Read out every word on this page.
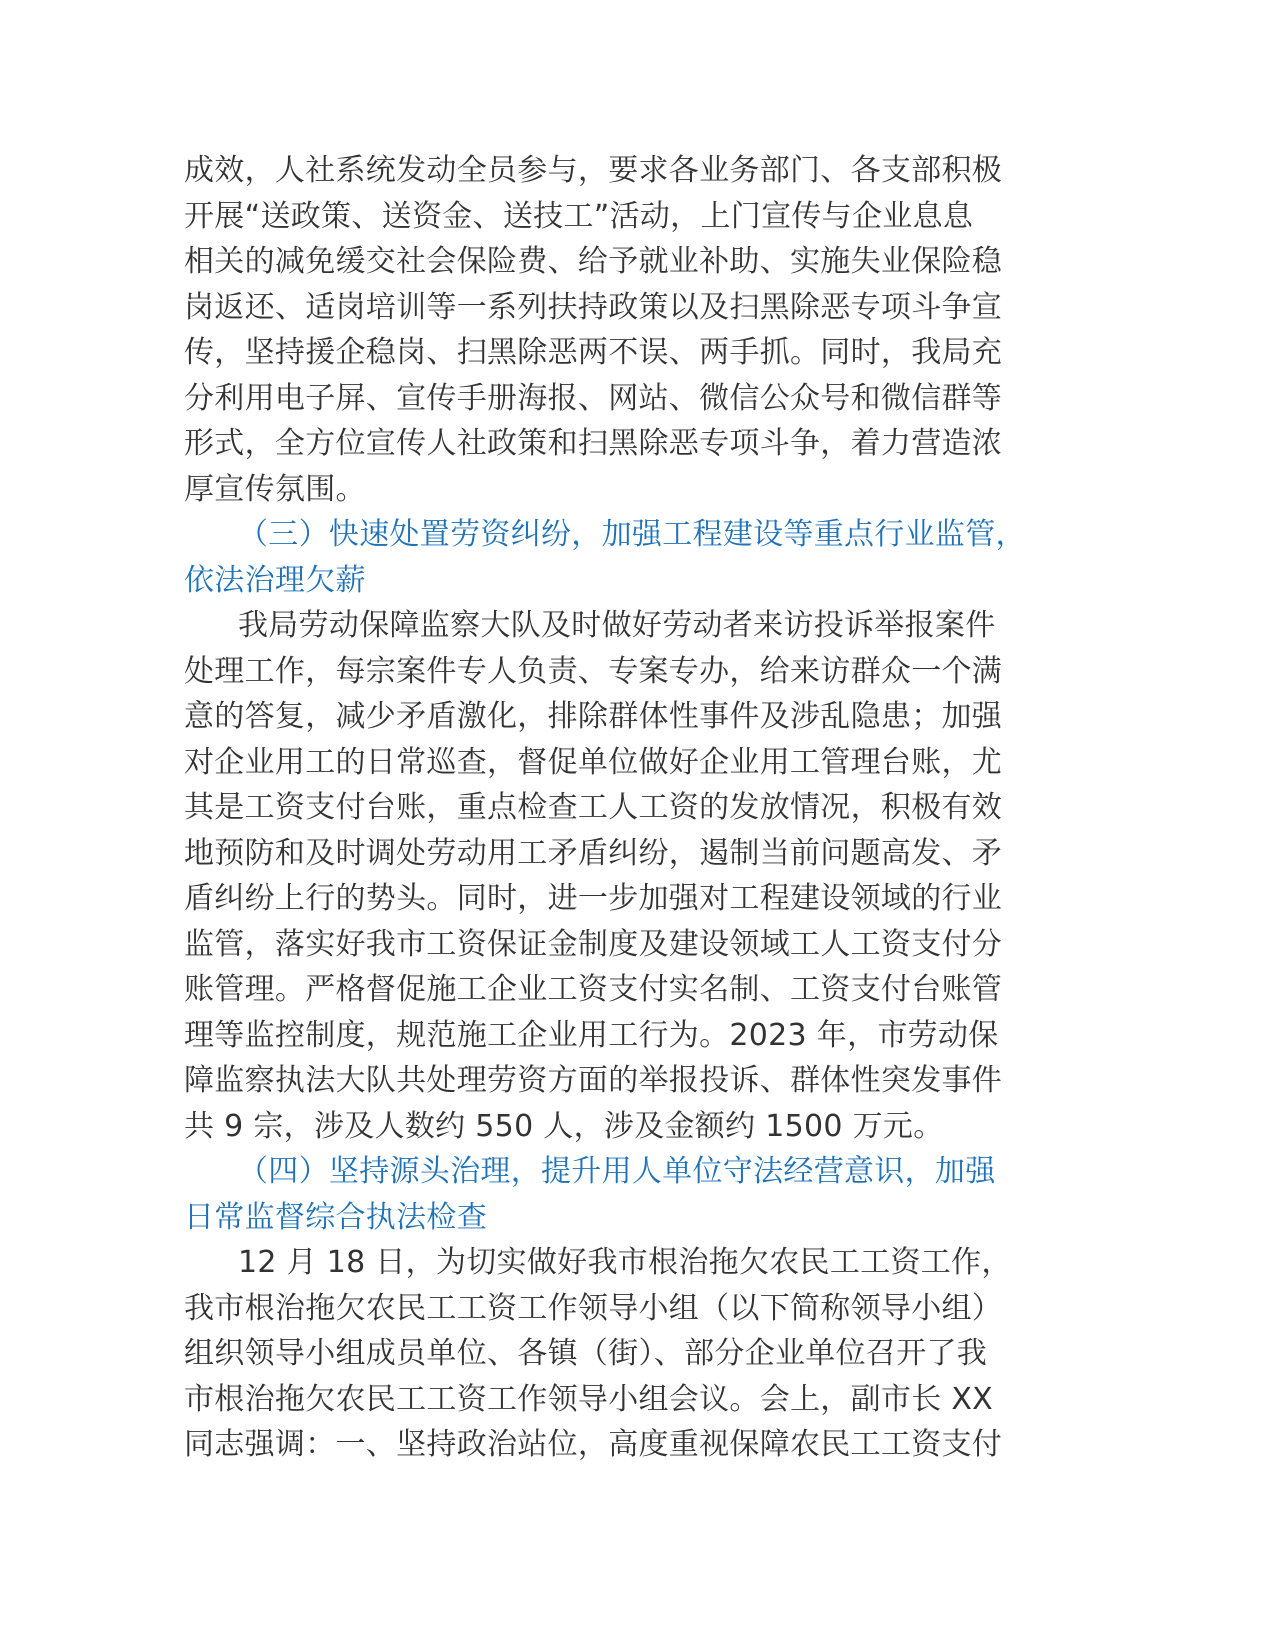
成效，人社系统发动全员参与，要求各业务部门、各支部积极
开展“送政策、送资金、送技工”活动，上门宣传与企业息息
相关的减免缓交社会保险费、给予就业补助、实施失业保险稳
岗返还、适岗培训等一系列扶持政策以及扫黑除恶专项斗争宣
传，坚持援企稳岗、扫黑除恶两不误、两手抓。同时，我局充
分利用电子屏、宣传手册海报、网站、微信公众号和微信群等
形式，全方位宣传人社政策和扫黑除恶专项斗争，着力营造浓
厚宣传氛围。
（三）快速处置劳资纠纷，加强工程建设等重点行业监管，
依法治理欠薪
我局劳动保障监察大队及时做好劳动者来访投诉举报案件
处理工作，每宗案件专人负责、专案专办，给来访群众一个满
意的答复，减少矛盾激化，排除群体性事件及涉乱隐患；加强
对企业用工的日常巡查，督促单位做好企业用工管理台账，尤
其是工资支付台账，重点检查工人工资的发放情况，积极有效
地预防和及时调处劳动用工矛盾纠纷，遏制当前问题高发、矛
盾纠纷上行的势头。同时，进一步加强对工程建设领域的行业
监管，落实好我市工资保证金制度及建设领域工人工资支付分
账管理。严格督促施工企业工资支付实名制、工资支付台账管
理等监控制度，规范施工企业用工行为。2023 年，市劳动保
障监察执法大队共处理劳资方面的举报投诉、群体性突发事件
共 9 宗，涉及人数约 550 人，涉及金额约 1500 万元。
（四）坚持源头治理，提升用人单位守法经营意识，加强
日常监督综合执法检查
12 月 18 日，为切实做好我市根治拖欠农民工工资工作，
我市根治拖欠农民工工资工作领导小组（以下简称领导小组）
组织领导小组成员单位、各镇（街）、部分企业单位召开了我
市根治拖欠农民工工资工作领导小组会议。会上，副市长 XX
同志强调：一、坚持政治站位，高度重视保障农民工工资支付
